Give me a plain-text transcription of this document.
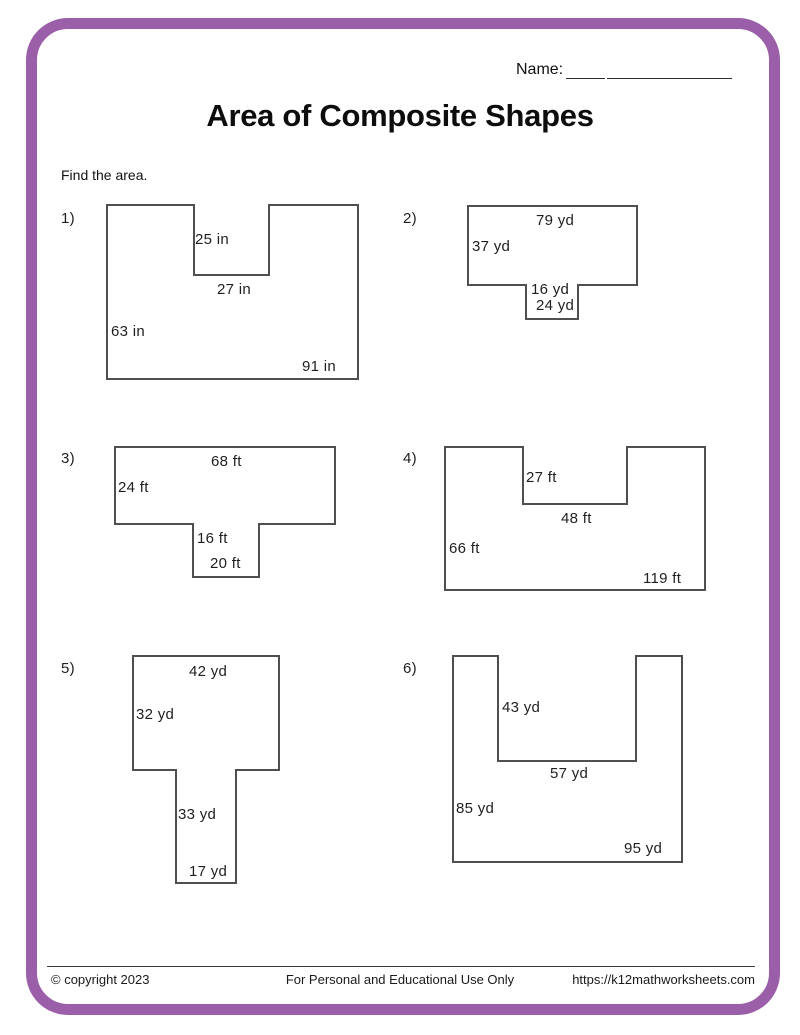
Name:
Area of Composite Shapes
Find the area.
1)
25 in
27 in
63 in
91 in
2)	79 yd
37 yd
16 yd
24 yd
3)	68 ft
24 ft
16 ft
20 ft
4)
27 ft
48 ft
66 ft
119 ft
5)	42 yd
32 yd
33 yd
17 yd
6)
43 yd
57 yd
85 yd
95 yd
© copyright 2023	For Personal and Educational Use Only	https://k12mathworksheets.com
